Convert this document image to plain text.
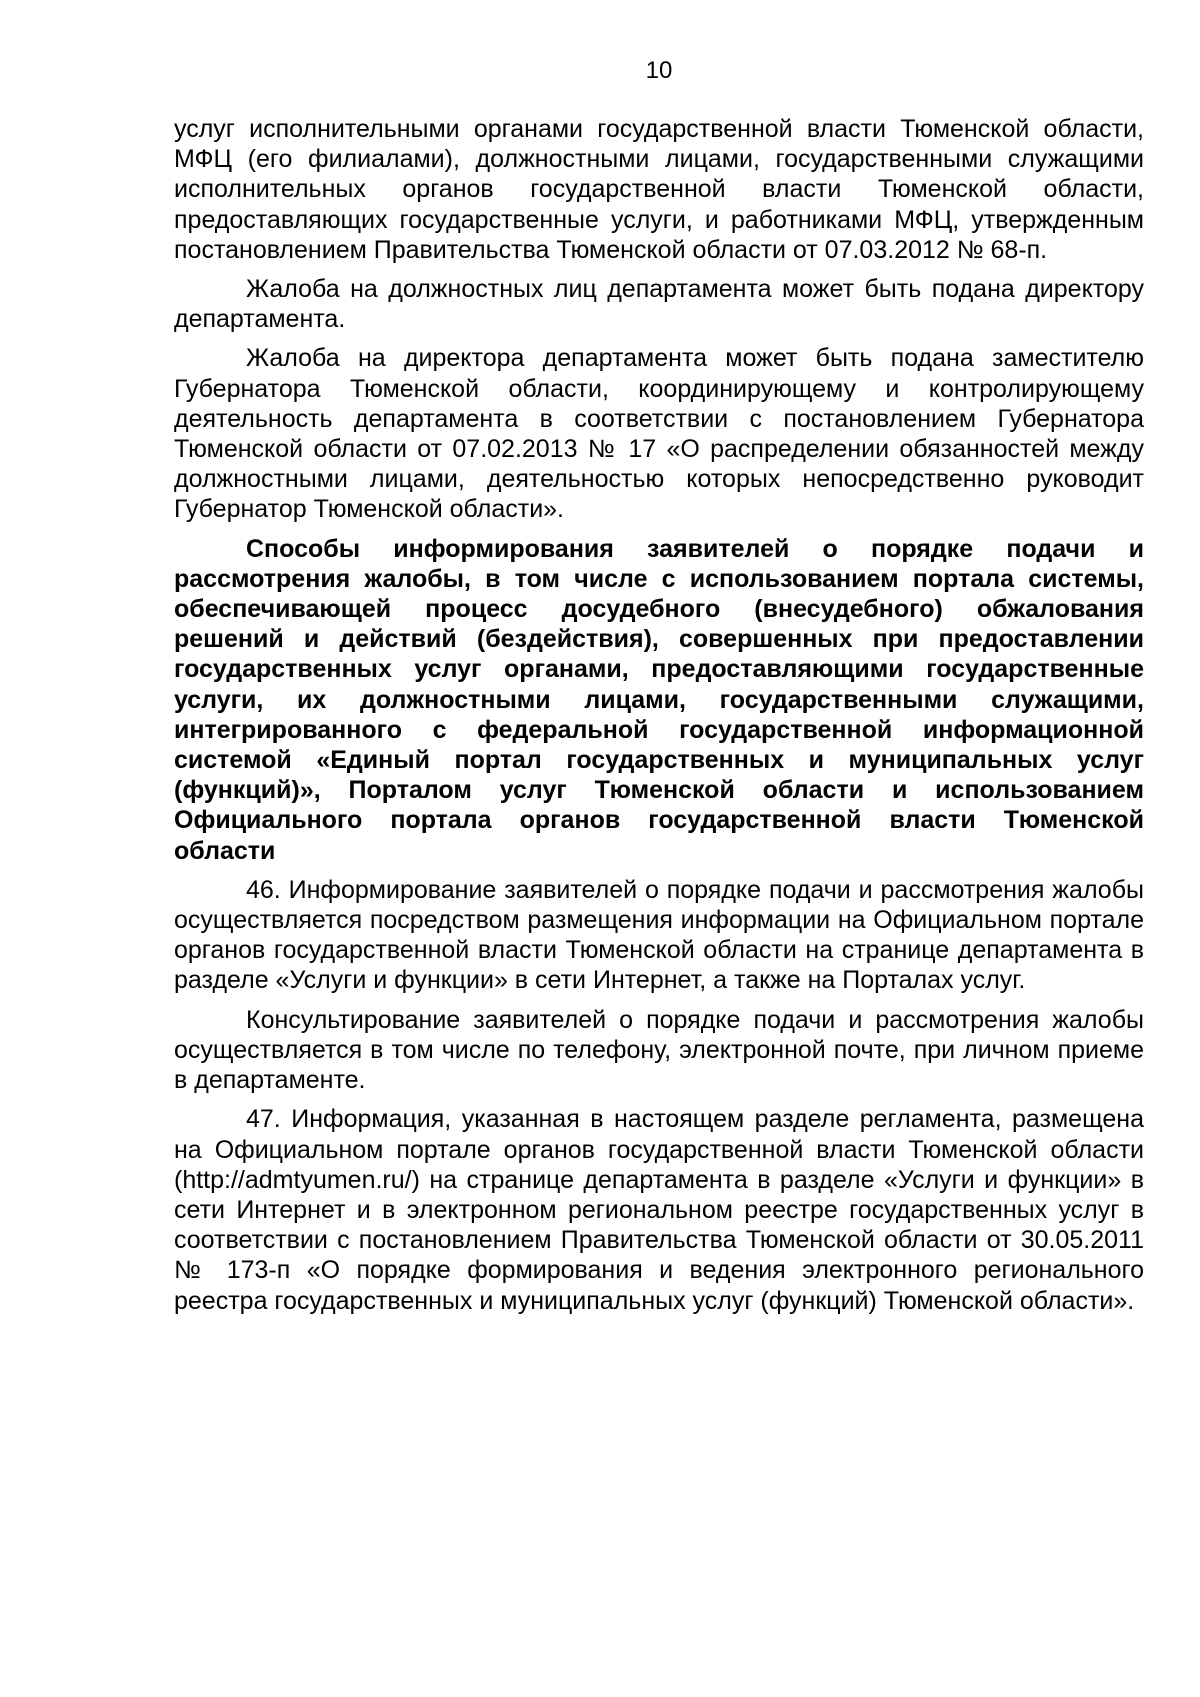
10

услуг исполнительными органами государственной власти Тюменской области, МФЦ (его филиалами), должностными лицами, государственными служащими исполнительных органов государственной власти Тюменской области, предоставляющих государственные услуги, и работниками МФЦ, утвержденным постановлением Правительства Тюменской области от 07.03.2012 № 68-п.

Жалоба на должностных лиц департамента может быть подана директору департамента.

Жалоба на директора департамента может быть подана заместителю Губернатора Тюменской области, координирующему и контролирующему деятельность департамента в соответствии с постановлением Губернатора Тюменской области от 07.02.2013 № 17 «О распределении обязанностей между должностными лицами, деятельностью которых непосредственно руководит Губернатор Тюменской области».

Способы информирования заявителей о порядке подачи и рассмотрения жалобы, в том числе с использованием портала системы, обеспечивающей процесс досудебного (внесудебного) обжалования решений и действий (бездействия), совершенных при предоставлении государственных услуг органами, предоставляющими государственные услуги, их должностными лицами, государственными служащими, интегрированного с федеральной государственной информационной системой «Единый портал государственных и муниципальных услуг (функций)», Порталом услуг Тюменской области и использованием Официального портала органов государственной власти Тюменской области

46. Информирование заявителей о порядке подачи и рассмотрения жалобы осуществляется посредством размещения информации на Официальном портале органов государственной власти Тюменской области на странице департамента в разделе «Услуги и функции» в сети Интернет, а также на Порталах услуг.

Консультирование заявителей о порядке подачи и рассмотрения жалобы осуществляется в том числе по телефону, электронной почте, при личном приеме в департаменте.

47. Информация, указанная в настоящем разделе регламента, размещена на Официальном портале органов государственной власти Тюменской области (http://admtyumen.ru/) на странице департамента в разделе «Услуги и функции» в сети Интернет и в электронном региональном реестре государственных услуг в соответствии с постановлением Правительства Тюменской области от 30.05.2011 № 173-п «О порядке формирования и ведения электронного регионального реестра государственных и муниципальных услуг (функций) Тюменской области».
